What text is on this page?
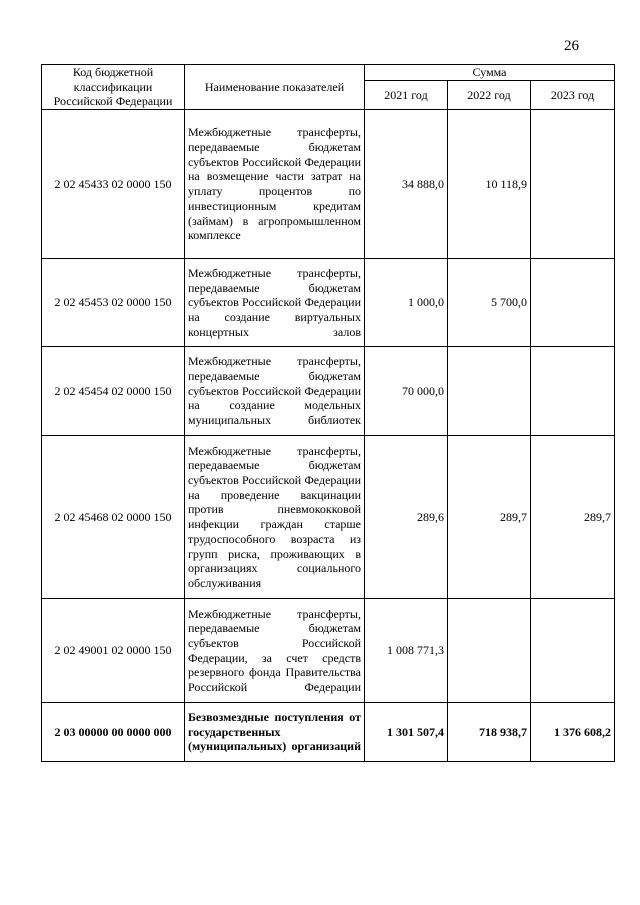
26
Код бюджетной классификации Российской Федерации	Наименование показателей	Сумма		
		2021 год	2022 год	2023 год
2 02 45433 02 0000 150	Межбюджетные трансферты, передаваемые бюджетам субъектов Российской Федерации на возмещение части затрат на уплату процентов по инвестиционным кредитам (займам) в агропромышленном комплексе	34 888,0	10 118,9	
2 02 45453 02 0000 150	Межбюджетные трансферты, передаваемые бюджетам субъектов Российской Федерации на создание виртуальных концертных залов	1 000,0	5 700,0	
2 02 45454 02 0000 150	Межбюджетные трансферты, передаваемые бюджетам субъектов Российской Федерации на создание модельных муниципальных библиотек	70 000,0		
2 02 45468 02 0000 150	Межбюджетные трансферты, передаваемые бюджетам субъектов Российской Федерации на проведение вакцинации против пневмококковой инфекции граждан старше трудоспособного возраста из групп риска, проживающих в организациях социального обслуживания	289,6	289,7	289,7
2 02 49001 02 0000 150	Межбюджетные трансферты, передаваемые бюджетам субъектов Российской Федерации, за счет средств резервного фонда Правительства Российской Федерации	1 008 771,3		
2 03 00000 00 0000 000	Безвозмездные поступления от государственных (муниципальных) организаций	1 301 507,4	718 938,7	1 376 608,2
